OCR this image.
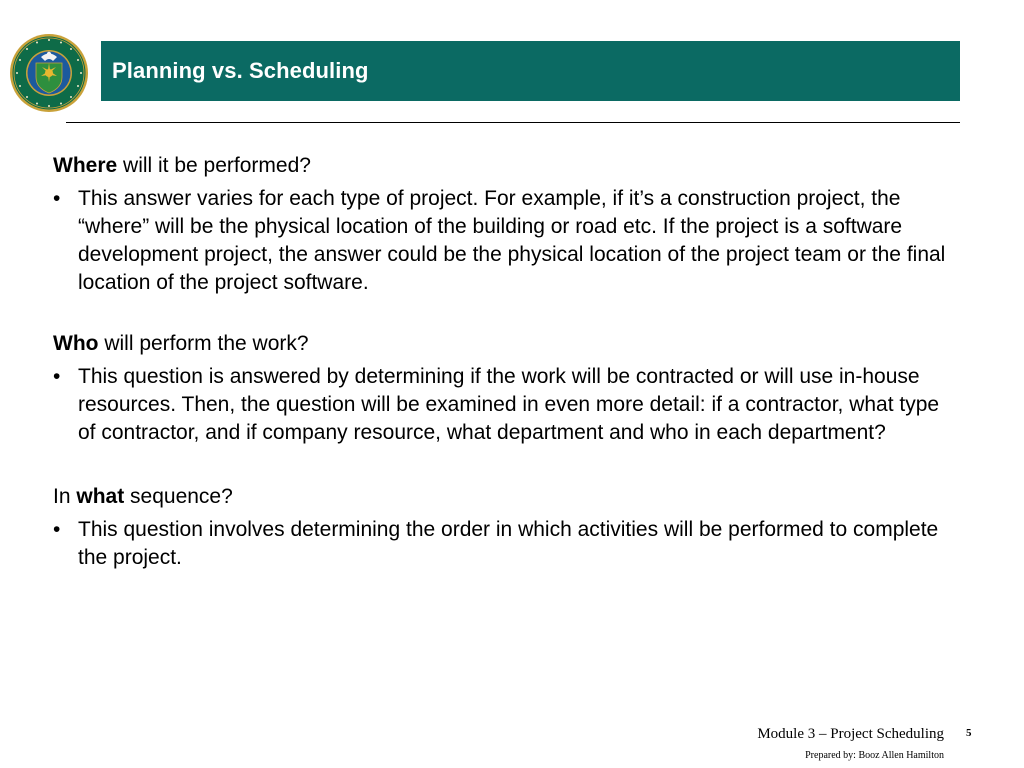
Planning vs. Scheduling

Where will it be performed?

• This answer varies for each type of project. For example, if it’s a construction project, the “where” will be the physical location of the building or road etc. If the project is a software development project, the answer could be the physical location of the project team or the final location of the project software.

Who will perform the work?

• This question is answered by determining if the work will be contracted or will use in-house resources. Then, the question will be examined in even more detail: if a contractor, what type of contractor, and if company resource, what department and who in each department?

In what sequence?

• This question involves determining the order in which activities will be performed to complete the project.
Module 3 – Project Scheduling 5
Prepared by: Booz Allen Hamilton
